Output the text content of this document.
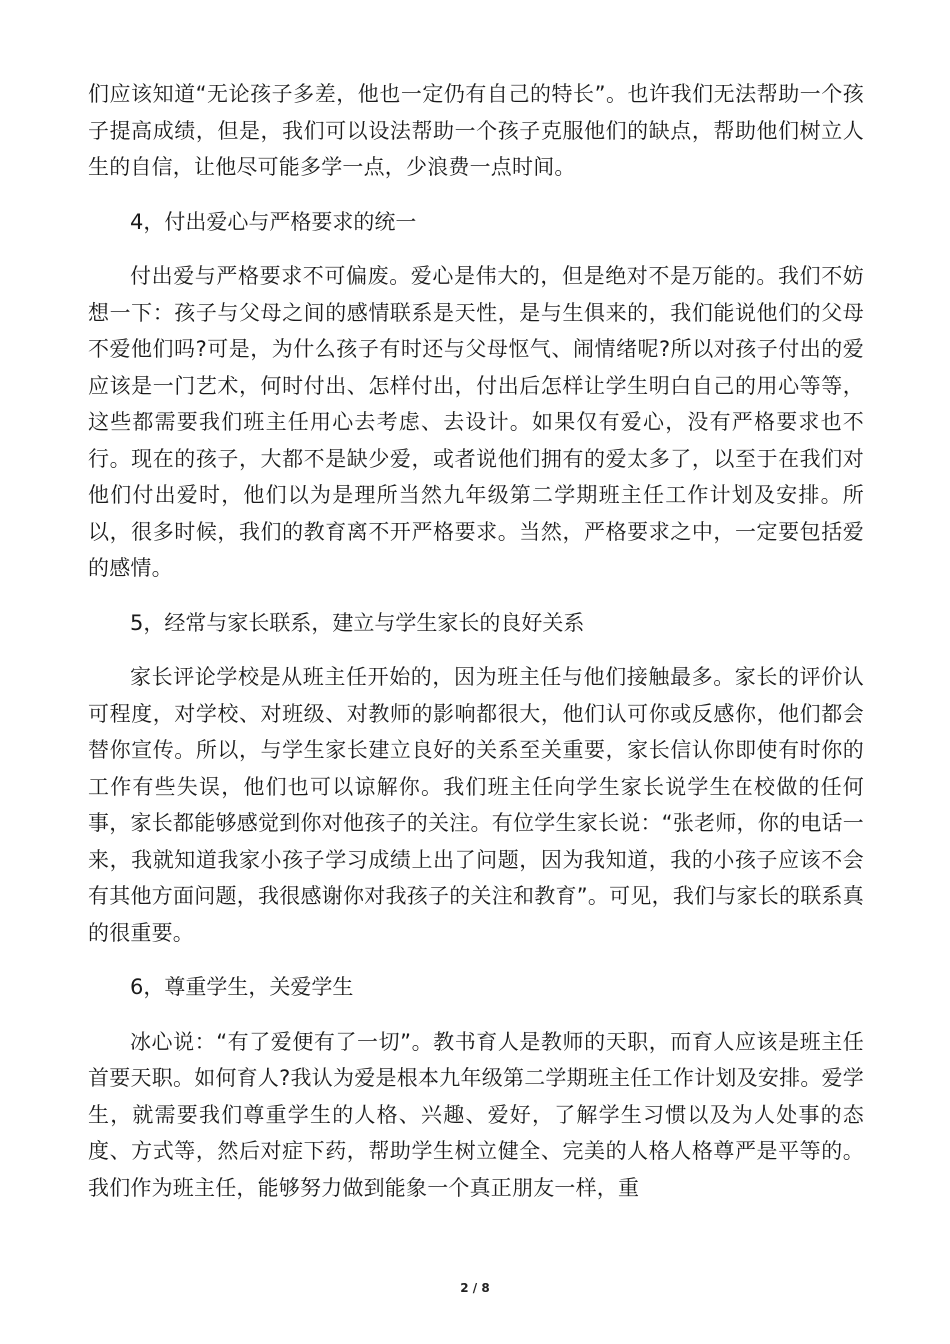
们应该知道“无论孩子多差，他也一定仍有自己的特长”。也许我们无法帮助一个孩子提高成绩，但是，我们可以设法帮助一个孩子克服他们的缺点，帮助他们树立人生的自信，让他尽可能多学一点，少浪费一点时间。

4，付出爱心与严格要求的统一

付出爱与严格要求不可偏废。爱心是伟大的，但是绝对不是万能的。我们不妨想一下：孩子与父母之间的感情联系是天性，是与生俱来的，我们能说他们的父母不爱他们吗?可是，为什么孩子有时还与父母怄气、闹情绪呢?所以对孩子付出的爱应该是一门艺术，何时付出、怎样付出，付出后怎样让学生明白自己的用心等等，这些都需要我们班主任用心去考虑、去设计。如果仅有爱心，没有严格要求也不行。现在的孩子，大都不是缺少爱，或者说他们拥有的爱太多了，以至于在我们对他们付出爱时，他们以为是理所当然九年级第二学期班主任工作计划及安排。所以，很多时候，我们的教育离不开严格要求。当然，严格要求之中，一定要包括爱的感情。

5，经常与家长联系，建立与学生家长的良好关系

家长评论学校是从班主任开始的，因为班主任与他们接触最多。家长的评价认可程度，对学校、对班级、对教师的影响都很大，他们认可你或反感你，他们都会替你宣传。所以，与学生家长建立良好的关系至关重要，家长信认你即使有时你的工作有些失误，他们也可以谅解你。我们班主任向学生家长说学生在校做的任何事，家长都能够感觉到你对他孩子的关注。有位学生家长说：“张老师，你的电话一来，我就知道我家小孩子学习成绩上出了问题，因为我知道，我的小孩子应该不会有其他方面问题，我很感谢你对我孩子的关注和教育”。可见，我们与家长的联系真的很重要。

6，尊重学生，关爱学生

冰心说：“有了爱便有了一切”。教书育人是教师的天职，而育人应该是班主任首要天职。如何育人?我认为爱是根本九年级第二学期班主任工作计划及安排。爱学生，就需要我们尊重学生的人格、兴趣、爱好，了解学生习惯以及为人处事的态度、方式等，然后对症下药，帮助学生树立健全、完美的人格人格尊严是平等的。我们作为班主任，能够努力做到能象一个真正朋友一样，重

2 / 8
